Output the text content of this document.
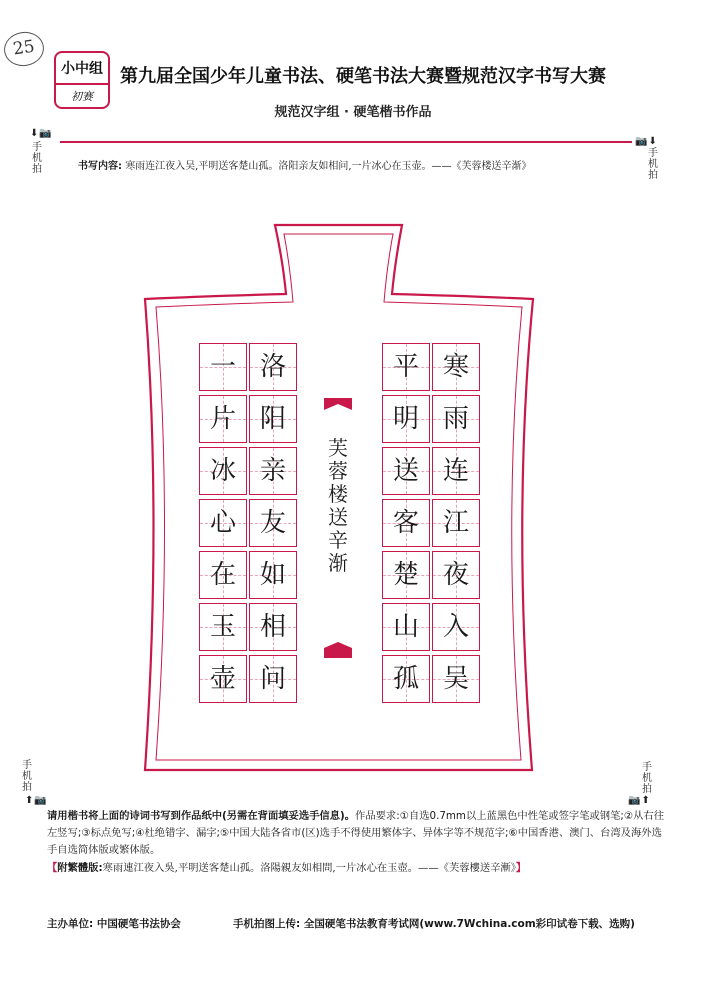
25
小中组
初赛
第九届全国少年儿童书法、硬笔书法大赛暨规范汉字书写大赛
规范汉字组 · 硬笔楷书作品
⬇📷
手机拍
📷⬇
手机拍
手机拍
⬆📷
手机拍
📷⬆
书写内容: 寒雨连江夜入吴,平明送客楚山孤。洛阳亲友如相问,一片冰心在玉壶。——《芙蓉楼送辛渐》
寒
雨
连
江
夜
入
吴
平
明
送
客
楚
山
孤
洛
阳
亲
友
如
相
问
一
片
冰
心
在
玉
壶
芙
蓉
楼
送
辛
渐
请用楷书将上面的诗词书写到作品纸中(另需在背面填妥选手信息)。作品要求:①自选0.7mm以上蓝黑色中性笔或签字笔或钢笔;②从右往左竖写;③标点免写;④杜绝错字、漏字;⑤中国大陆各省市(区)选手不得使用繁体字、异体字等不规范字;⑥中国香港、澳门、台湾及海外选手自选简体版或繁体版。
【附繁體版:寒雨連江夜入吳,平明送客楚山孤。洛陽親友如相問,一片冰心在玉壺。——《芙蓉樓送辛漸》】
主办单位: 中国硬笔书法协会	手机拍图上传: 全国硬笔书法教育考试网(www.7Wchina.com彩印试卷下载、选购)
